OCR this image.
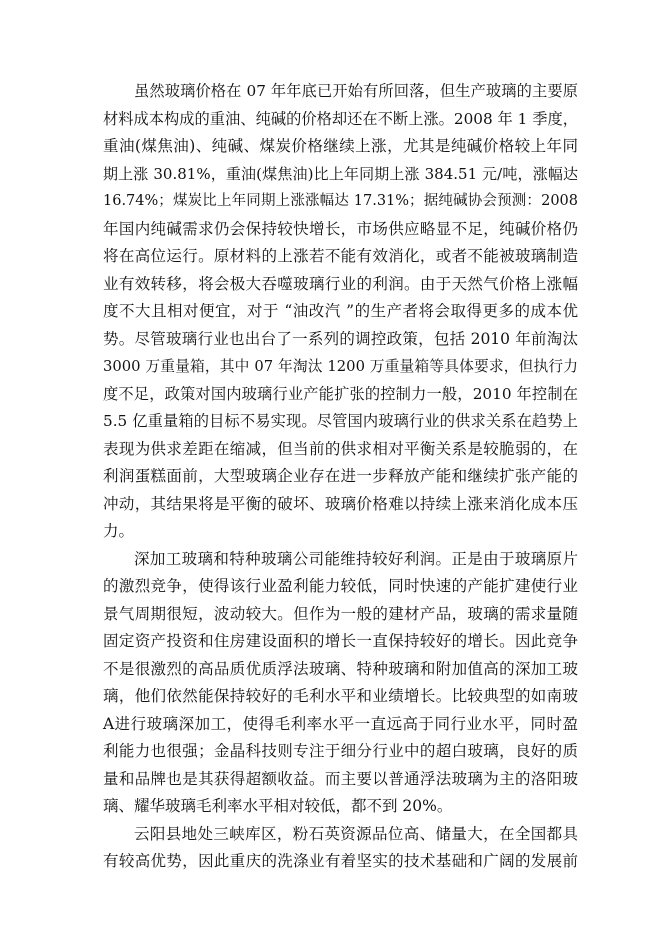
虽然玻璃价格在 07 年年底已开始有所回落，但生产玻璃的主要原
材料成本构成的重油、纯碱的价格却还在不断上涨。2008 年 1 季度，
重油(煤焦油)、纯碱、煤炭价格继续上涨，尤其是纯碱价格较上年同
期上涨 30.81%，重油(煤焦油)比上年同期上涨 384.51 元/吨，涨幅达
16.74%；煤炭比上年同期上涨涨幅达 17.31%；据纯碱协会预测：2008
年国内纯碱需求仍会保持较快增长，市场供应略显不足，纯碱价格仍
将在高位运行。原材料的上涨若不能有效消化，或者不能被玻璃制造
业有效转移，将会极大吞噬玻璃行业的利润。由于天然气价格上涨幅
度不大且相对便宜，对于 “油改汽 ”的生产者将会取得更多的成本优
势。尽管玻璃行业也出台了一系列的调控政策，包括 2010 年前淘汰
3000 万重量箱，其中 07 年淘汰 1200 万重量箱等具体要求，但执行力
度不足，政策对国内玻璃行业产能扩张的控制力一般，2010 年控制在
5.5 亿重量箱的目标不易实现。尽管国内玻璃行业的供求关系在趋势上
表现为供求差距在缩减，但当前的供求相对平衡关系是较脆弱的，在
利润蛋糕面前，大型玻璃企业存在进一步释放产能和继续扩张产能的
冲动，其结果将是平衡的破坏、玻璃价格难以持续上涨来消化成本压
力。

深加工玻璃和特种玻璃公司能维持较好利润。正是由于玻璃原片
的激烈竞争，使得该行业盈利能力较低，同时快速的产能扩建使行业
景气周期很短，波动较大。但作为一般的建材产品，玻璃的需求量随
固定资产投资和住房建设面积的增长一直保持较好的增长。因此竞争
不是很激烈的高品质优质浮法玻璃、特种玻璃和附加值高的深加工玻
璃，他们依然能保持较好的毛利水平和业绩增长。比较典型的如南玻
A进行玻璃深加工，使得毛利率水平一直远高于同行业水平，同时盈
利能力也很强；金晶科技则专注于细分行业中的超白玻璃，良好的质
量和品牌也是其获得超额收益。而主要以普通浮法玻璃为主的洛阳玻
璃、耀华玻璃毛利率水平相对较低，都不到 20%。

云阳县地处三峡库区，粉石英资源品位高、储量大，在全国都具
有较高优势，因此重庆的洗涤业有着坚实的技术基础和广阔的发展前
